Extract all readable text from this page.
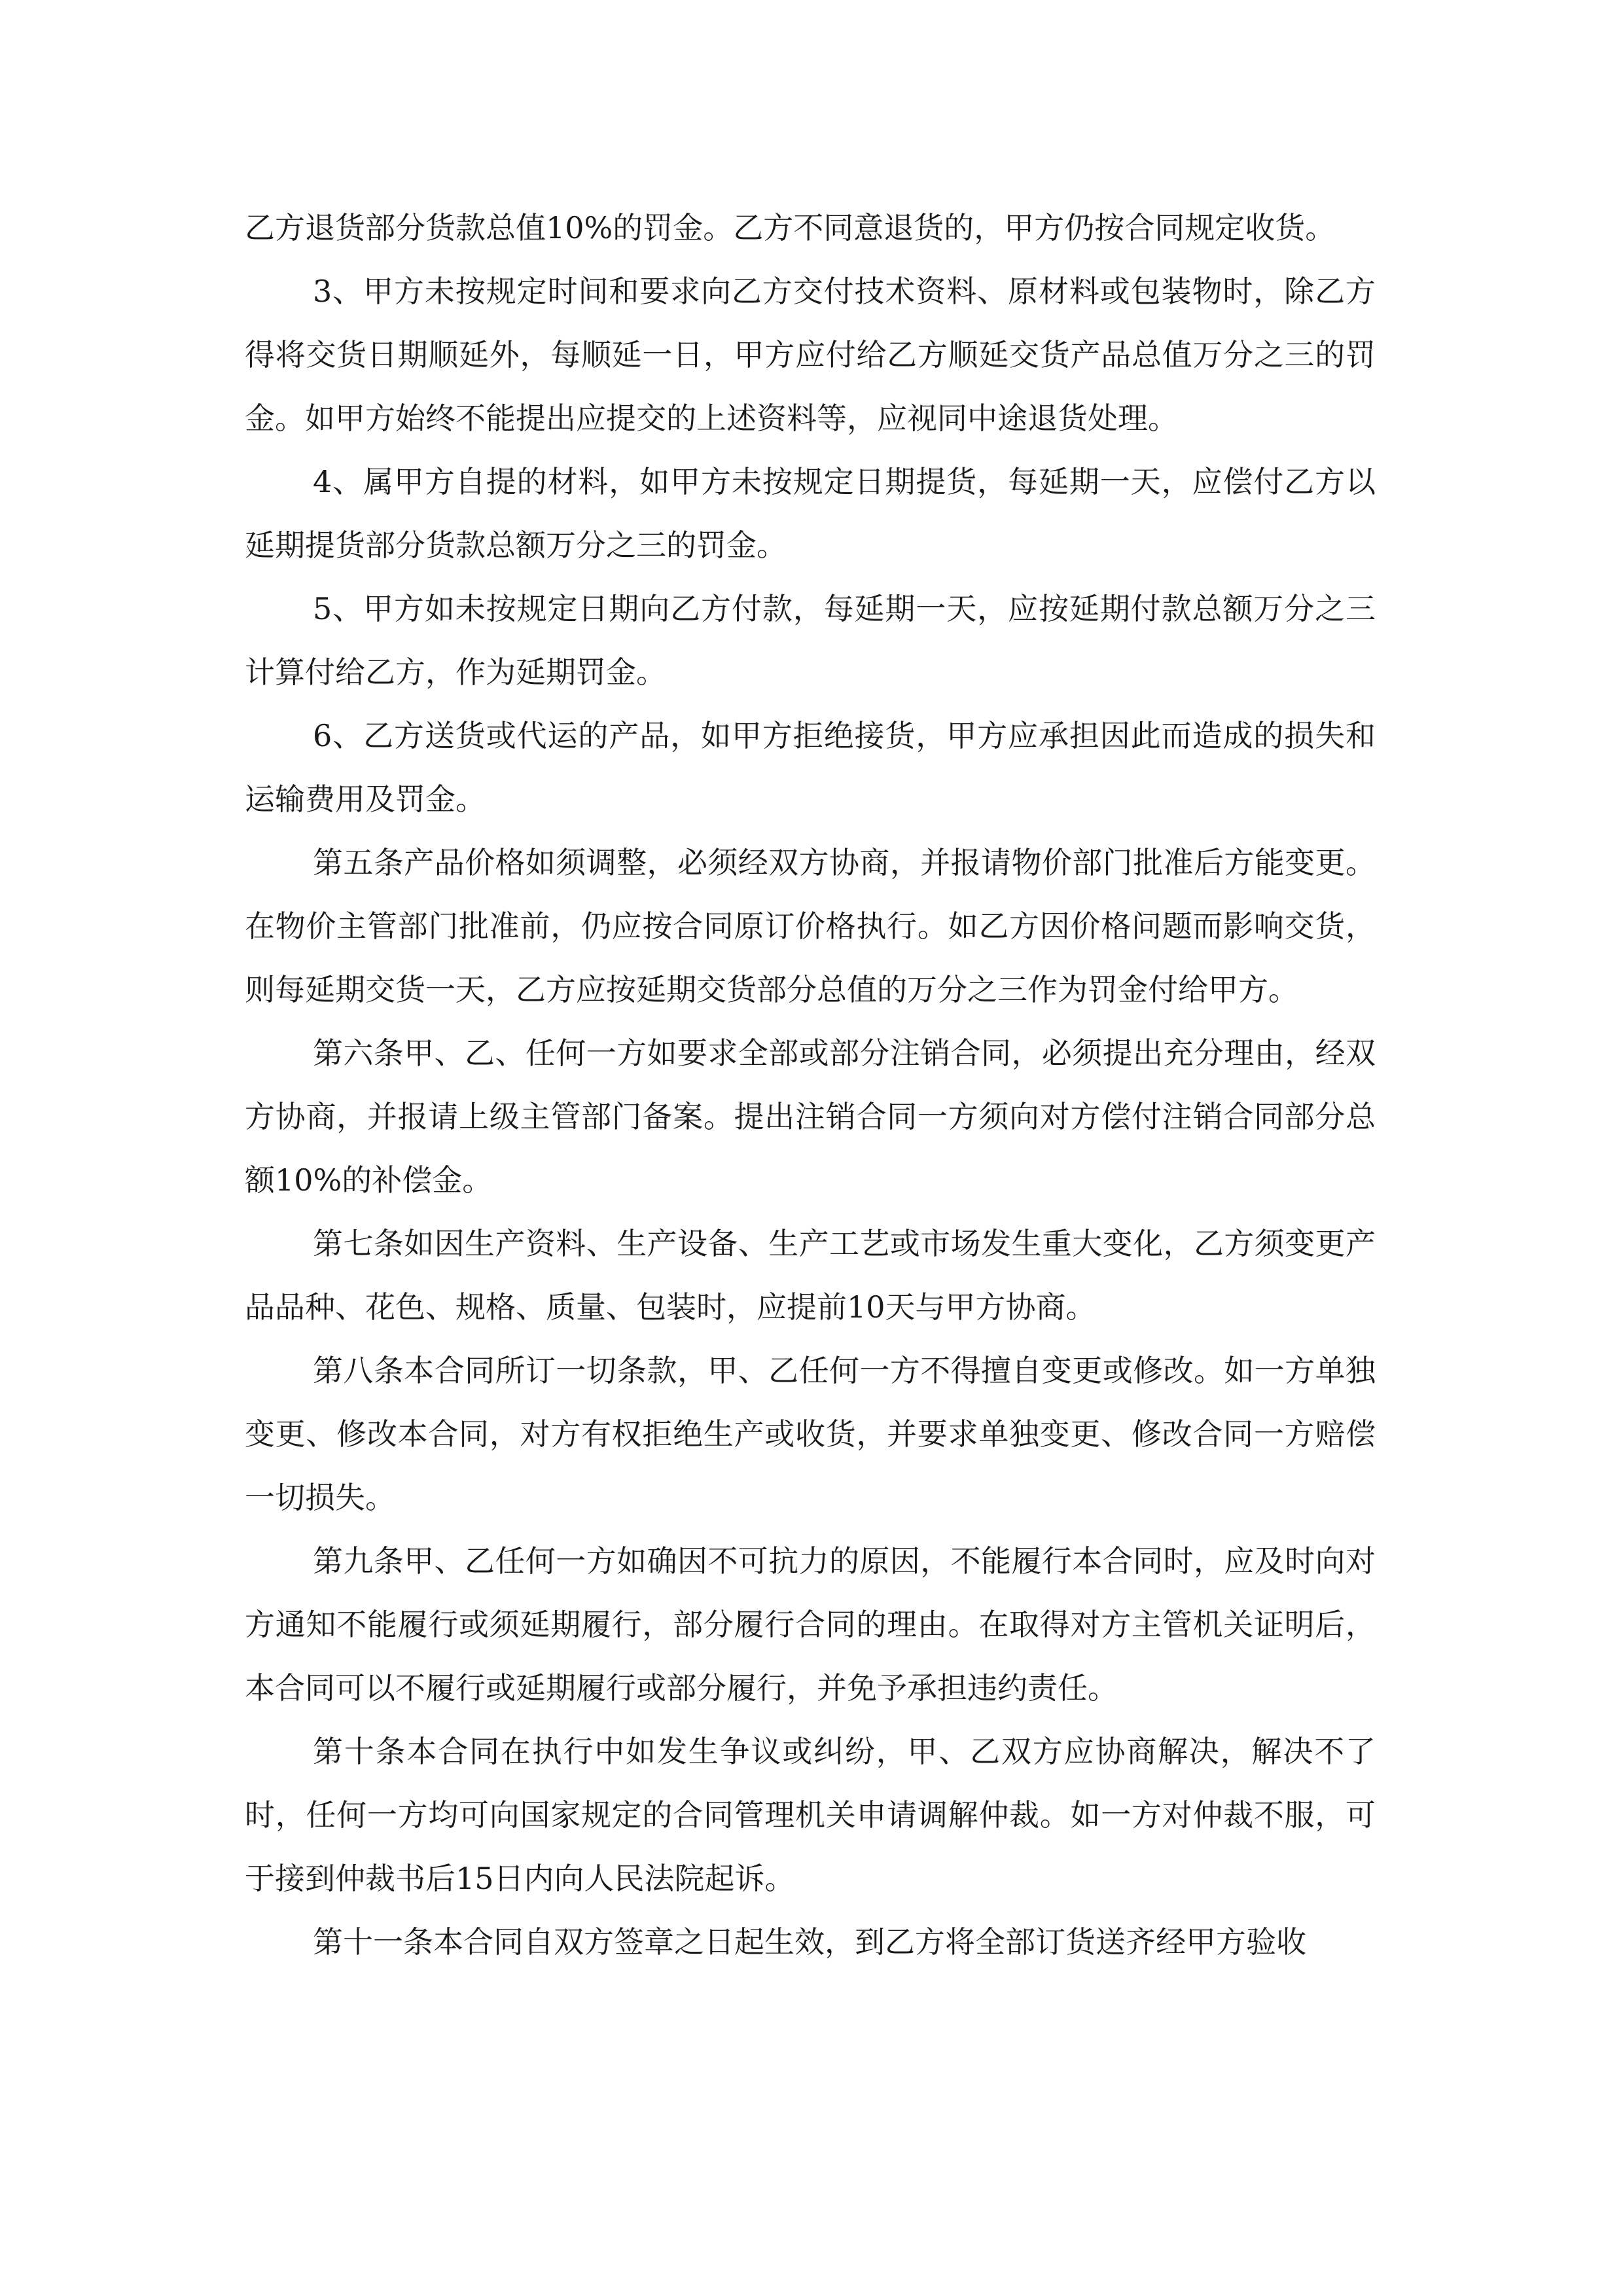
乙方退货部分货款总值10%的罚金。乙方不同意退货的，甲方仍按合同规定收货。

3、甲方未按规定时间和要求向乙方交付技术资料、原材料或包装物时，除乙方得将交货日期顺延外，每顺延一日，甲方应付给乙方顺延交货产品总值万分之三的罚金。如甲方始终不能提出应提交的上述资料等，应视同中途退货处理。

4、属甲方自提的材料，如甲方未按规定日期提货，每延期一天，应偿付乙方以延期提货部分货款总额万分之三的罚金。

5、甲方如未按规定日期向乙方付款，每延期一天，应按延期付款总额万分之三计算付给乙方，作为延期罚金。

6、乙方送货或代运的产品，如甲方拒绝接货，甲方应承担因此而造成的损失和运输费用及罚金。

第五条产品价格如须调整，必须经双方协商，并报请物价部门批准后方能变更。在物价主管部门批准前，仍应按合同原订价格执行。如乙方因价格问题而影响交货，则每延期交货一天，乙方应按延期交货部分总值的万分之三作为罚金付给甲方。

第六条甲、乙、任何一方如要求全部或部分注销合同，必须提出充分理由，经双方协商，并报请上级主管部门备案。提出注销合同一方须向对方偿付注销合同部分总额10%的补偿金。

第七条如因生产资料、生产设备、生产工艺或市场发生重大变化，乙方须变更产品品种、花色、规格、质量、包装时，应提前10天与甲方协商。

第八条本合同所订一切条款，甲、乙任何一方不得擅自变更或修改。如一方单独变更、修改本合同，对方有权拒绝生产或收货，并要求单独变更、修改合同一方赔偿一切损失。

第九条甲、乙任何一方如确因不可抗力的原因，不能履行本合同时，应及时向对方通知不能履行或须延期履行，部分履行合同的理由。在取得对方主管机关证明后，本合同可以不履行或延期履行或部分履行，并免予承担违约责任。

第十条本合同在执行中如发生争议或纠纷，甲、乙双方应协商解决，解决不了时，任何一方均可向国家规定的合同管理机关申请调解仲裁。如一方对仲裁不服，可于接到仲裁书后15日内向人民法院起诉。

第十一条本合同自双方签章之日起生效，到乙方将全部订货送齐经甲方验收
